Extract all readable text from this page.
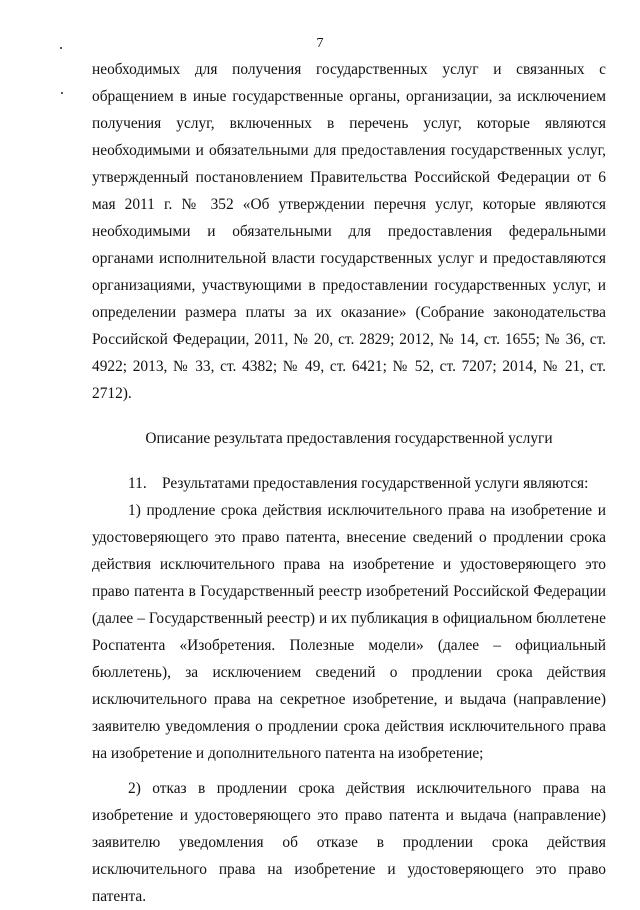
7

необходимых для получения государственных услуг и связанных с обращением в иные государственные органы, организации, за исключением получения услуг, включенных в перечень услуг, которые являются необходимыми и обязательными для предоставления государственных услуг, утвержденный постановлением Правительства Российской Федерации от 6 мая 2011 г. № 352 «Об утверждении перечня услуг, которые являются необходимыми и обязательными для предоставления федеральными органами исполнительной власти государственных услуг и предоставляются организациями, участвующими в предоставлении государственных услуг, и определении размера платы за их оказание» (Собрание законодательства Российской Федерации, 2011, № 20, ст. 2829; 2012, № 14, ст. 1655; № 36, ст. 4922; 2013, № 33, ст. 4382; № 49, ст. 6421; № 52, ст. 7207; 2014, № 21, ст. 2712).

Описание результата предоставления государственной услуги

11.    Результатами предоставления государственной услуги являются:

1) продление срока действия исключительного права на изобретение и удостоверяющего это право патента, внесение сведений о продлении срока действия исключительного права на изобретение и удостоверяющего это право патента в Государственный реестр изобретений Российской Федерации (далее – Государственный реестр) и их публикация в официальном бюллетене Роспатента «Изобретения. Полезные модели» (далее – официальный бюллетень), за исключением сведений о продлении срока действия исключительного права на секретное изобретение, и выдача (направление) заявителю уведомления о продлении срока действия исключительного права на изобретение и дополнительного патента на изобретение;

2) отказ в продлении срока действия исключительного права на изобретение и удостоверяющего это право патента и выдача (направление) заявителю уведомления об отказе в продлении срока действия исключительного права на изобретение и удостоверяющего это право патента.
